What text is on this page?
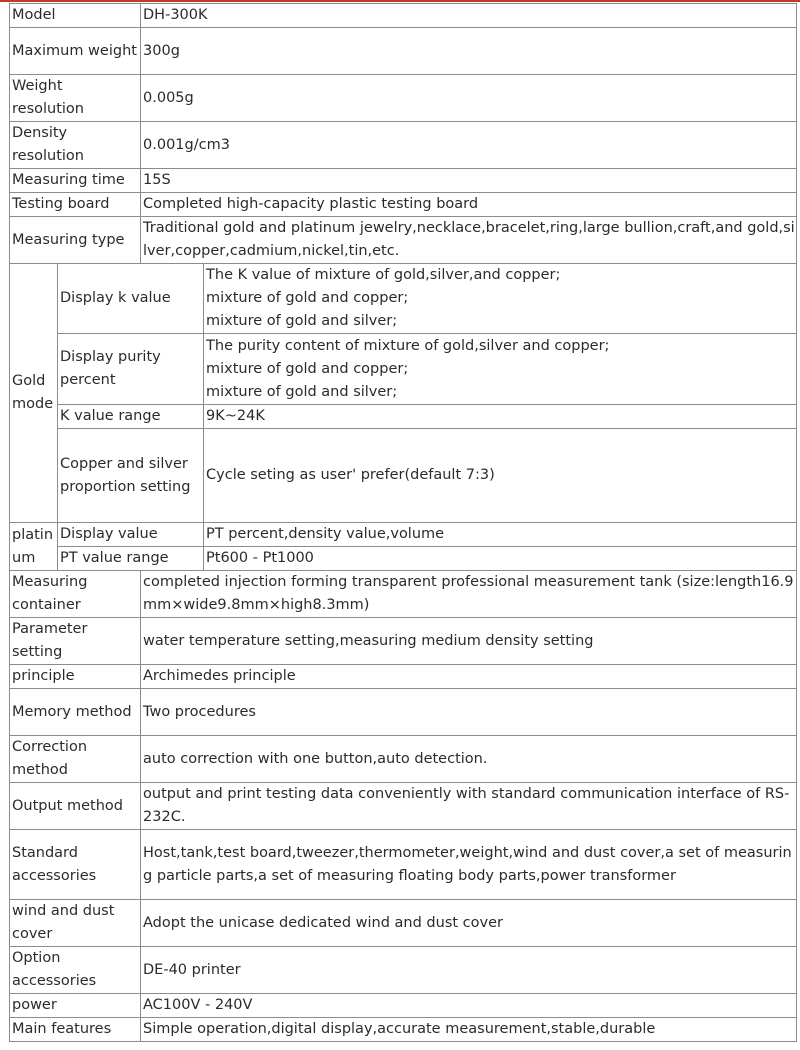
Model		DH-300K	
Maximum weight		300g	
Weight resolution		0.005g	
Density resolution		0.001g/cm3	
Measuring time		15S	
Testing board		Completed high-capacity plastic testing board	
Measuring type		Traditional gold and platinum jewelry,necklace,bracelet,ring,large bullion,craft,and gold,silver,copper,cadmium,nickel,tin,etc.	
Gold mode	Display k value		The K value of mixture of gold,silver,and copper;
mixture of gold and copper;
mixture of gold and silver;

	Display purity percent		The purity content of mixture of gold,silver and copper;
mixture of gold and copper;
mixture of gold and silver;

	K value range		9K~24K
	Copper and silver proportion setting		Cycle seting as user' prefer(default 7:3)
platinum	Display value		PT percent,density value,volume
	PT value range		Pt600 - Pt1000
Measuring container		completed injection forming transparent professional measurement tank (size:length16.9mm×wide9.8mm×high8.3mm)	
Parameter setting		water temperature setting,measuring medium density setting	
principle		Archimedes principle	
Memory method		Two procedures	
Correction method		auto correction with one button,auto detection.	
Output method		output and print testing data conveniently with standard communication interface of RS-232C.	
Standard accessories		Host,tank,test board,tweezer,thermometer,weight,wind and dust cover,a set of measuring particle parts,a set of measuring floating body parts,power transformer	
wind and dust cover		Adopt the unicase dedicated wind and dust cover	
Option accessories		DE-40 printer	
power		AC100V - 240V	
Main features		Simple operation,digital display,accurate measurement,stable,durable	
